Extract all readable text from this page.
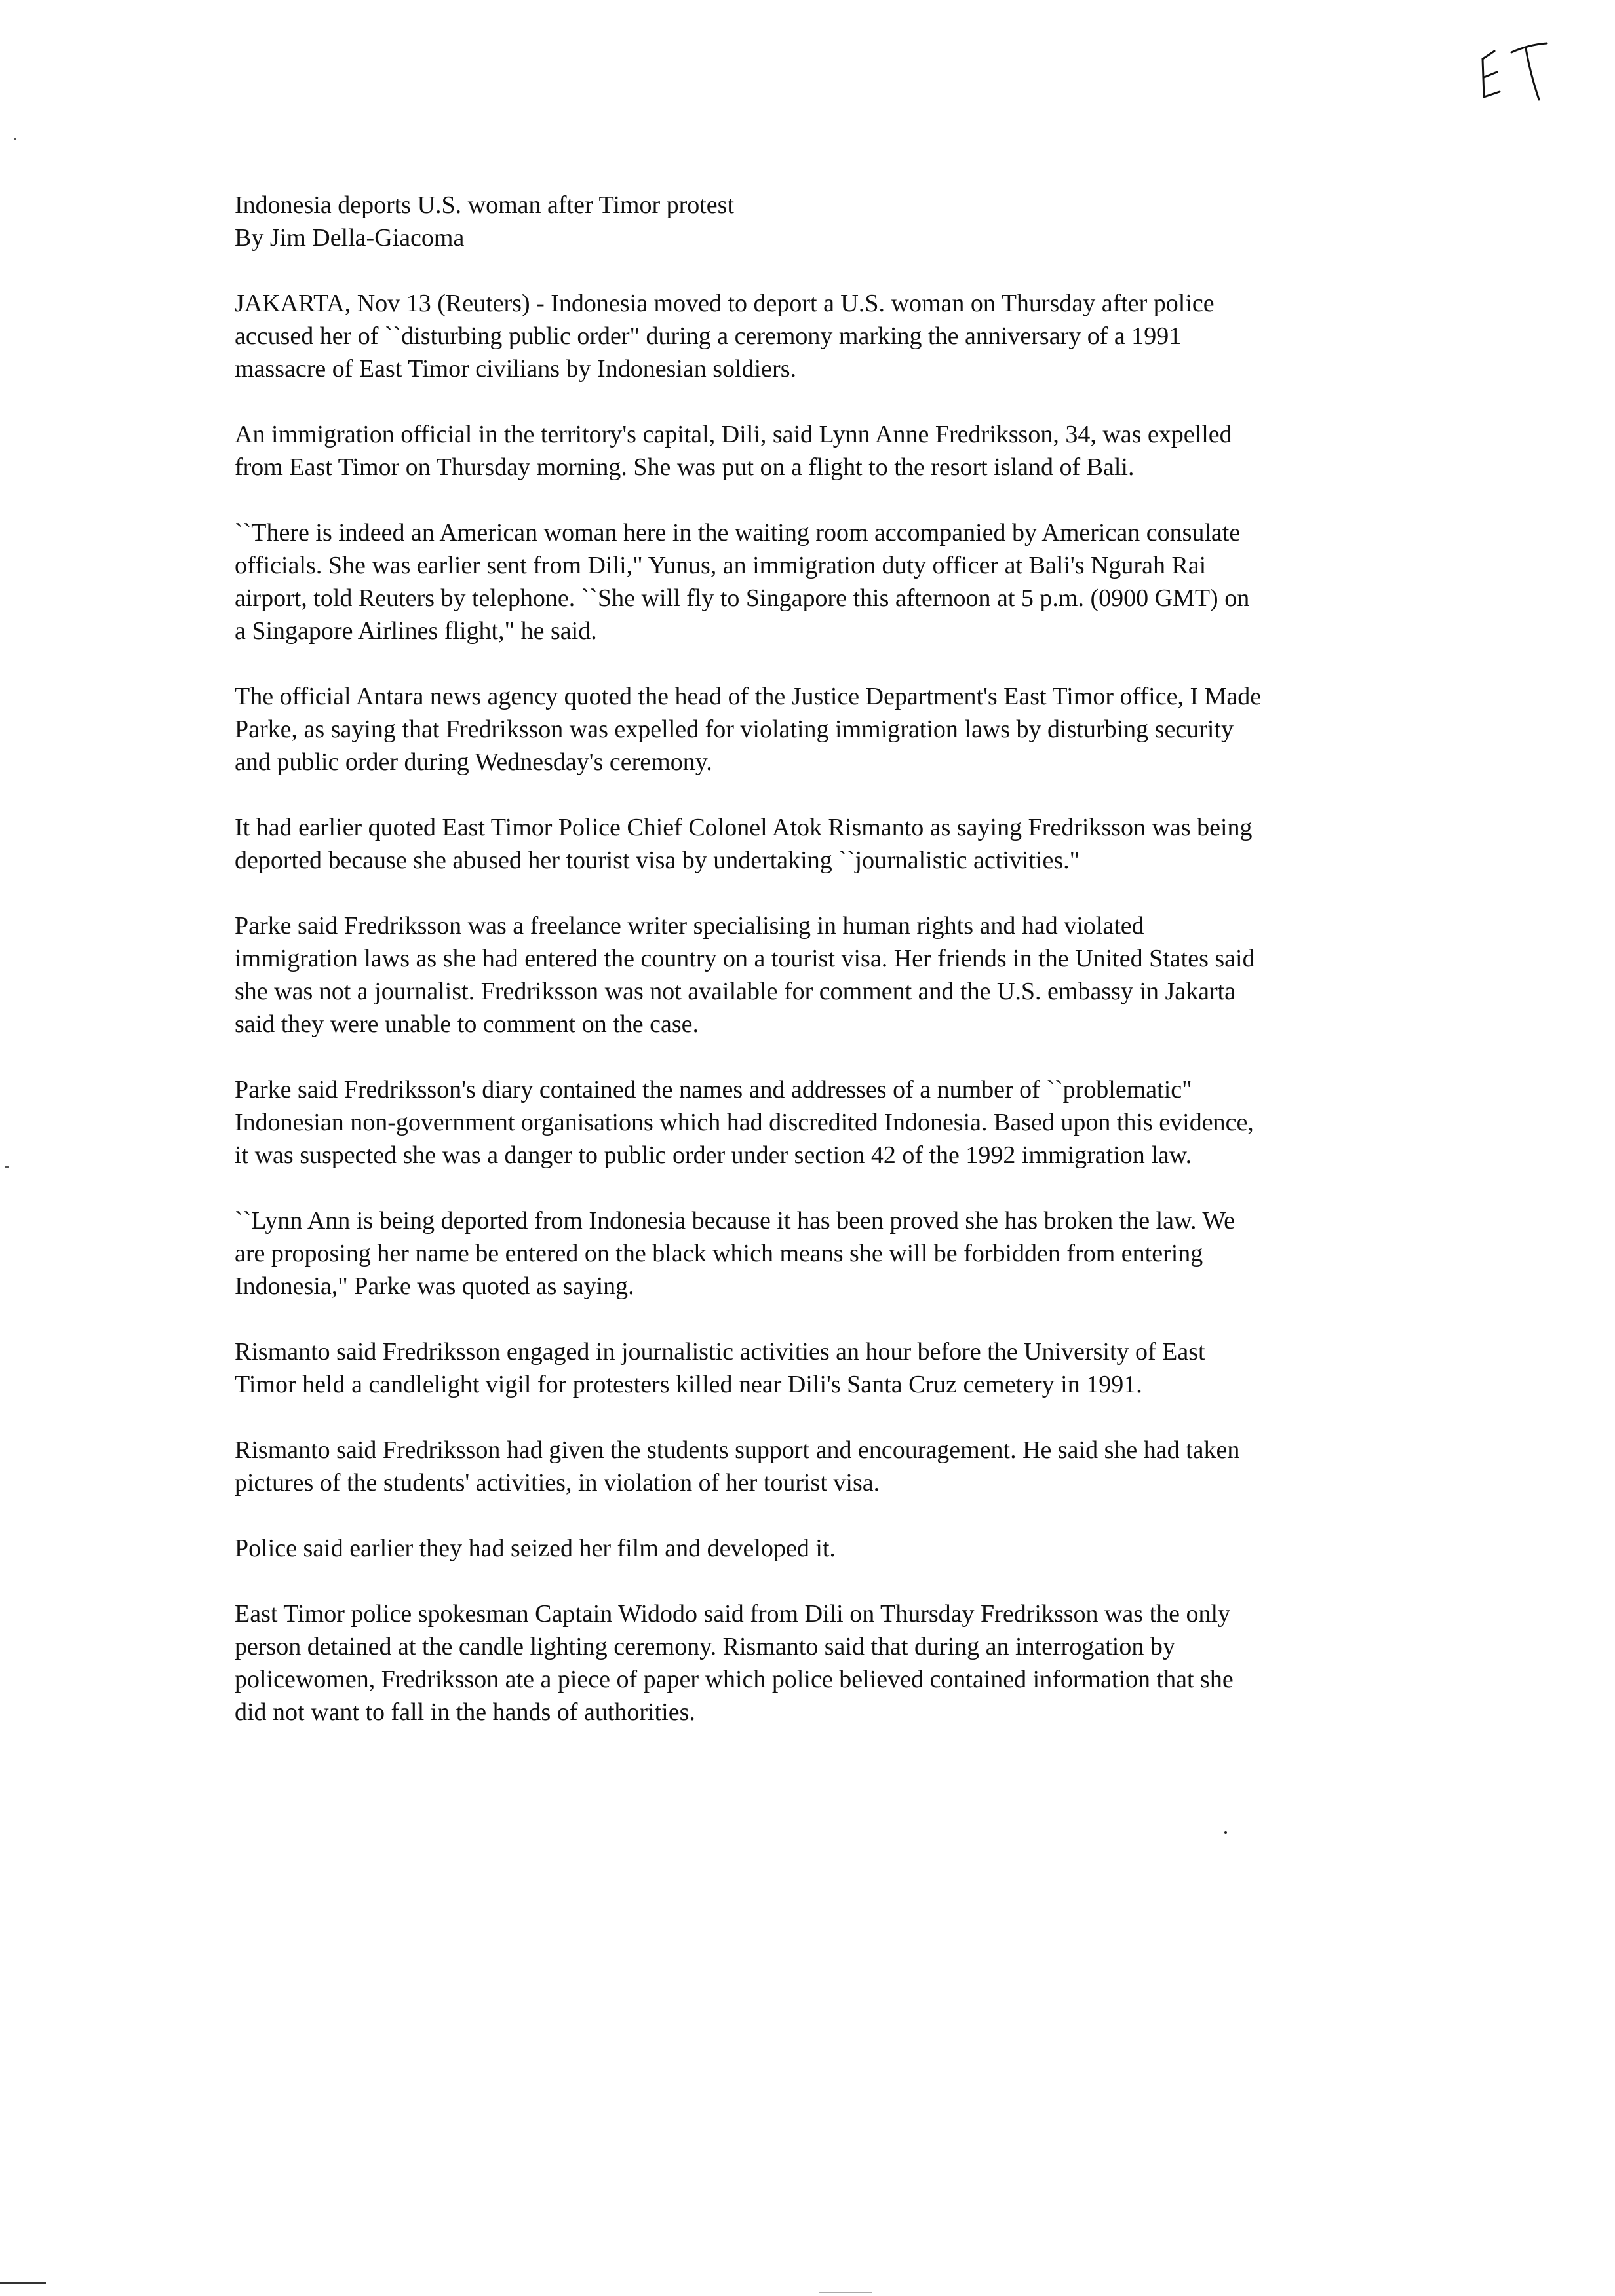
Indonesia deports U.S. woman after Timor protest
By Jim Della-Giacoma

JAKARTA, Nov 13 (Reuters) - Indonesia moved to deport a U.S. woman on Thursday after police
accused her of ``disturbing public order" during a ceremony marking the anniversary of a 1991
massacre of East Timor civilians by Indonesian soldiers.

An immigration official in the territory's capital, Dili, said Lynn Anne Fredriksson, 34, was expelled
from East Timor on Thursday morning. She was put on a flight to the resort island of Bali.

``There is indeed an American woman here in the waiting room accompanied by American consulate
officials. She was earlier sent from Dili," Yunus, an immigration duty officer at Bali's Ngurah Rai
airport, told Reuters by telephone. ``She will fly to Singapore this afternoon at 5 p.m. (0900 GMT) on
a Singapore Airlines flight," he said.

The official Antara news agency quoted the head of the Justice Department's East Timor office, I Made
Parke, as saying that Fredriksson was expelled for violating immigration laws by disturbing security
and public order during Wednesday's ceremony.

It had earlier quoted East Timor Police Chief Colonel Atok Rismanto as saying Fredriksson was being
deported because she abused her tourist visa by undertaking ``journalistic activities."

Parke said Fredriksson was a freelance writer specialising in human rights and had violated
immigration laws as she had entered the country on a tourist visa. Her friends in the United States said
she was not a journalist. Fredriksson was not available for comment and the U.S. embassy in Jakarta
said they were unable to comment on the case.

Parke said Fredriksson's diary contained the names and addresses of a number of ``problematic"
Indonesian non-government organisations which had discredited Indonesia. Based upon this evidence,
it was suspected she was a danger to public order under section 42 of the 1992 immigration law.

``Lynn Ann is being deported from Indonesia because it has been proved she has broken the law. We
are proposing her name be entered on the black which means she will be forbidden from entering
Indonesia," Parke was quoted as saying.

Rismanto said Fredriksson engaged in journalistic activities an hour before the University of East
Timor held a candlelight vigil for protesters killed near Dili's Santa Cruz cemetery in 1991.

Rismanto said Fredriksson had given the students support and encouragement. He said she had taken
pictures of the students' activities, in violation of her tourist visa.

Police said earlier they had seized her film and developed it.

East Timor police spokesman Captain Widodo said from Dili on Thursday Fredriksson was the only
person detained at the candle lighting ceremony. Rismanto said that during an interrogation by
policewomen, Fredriksson ate a piece of paper which police believed contained information that she
did not want to fall in the hands of authorities.
